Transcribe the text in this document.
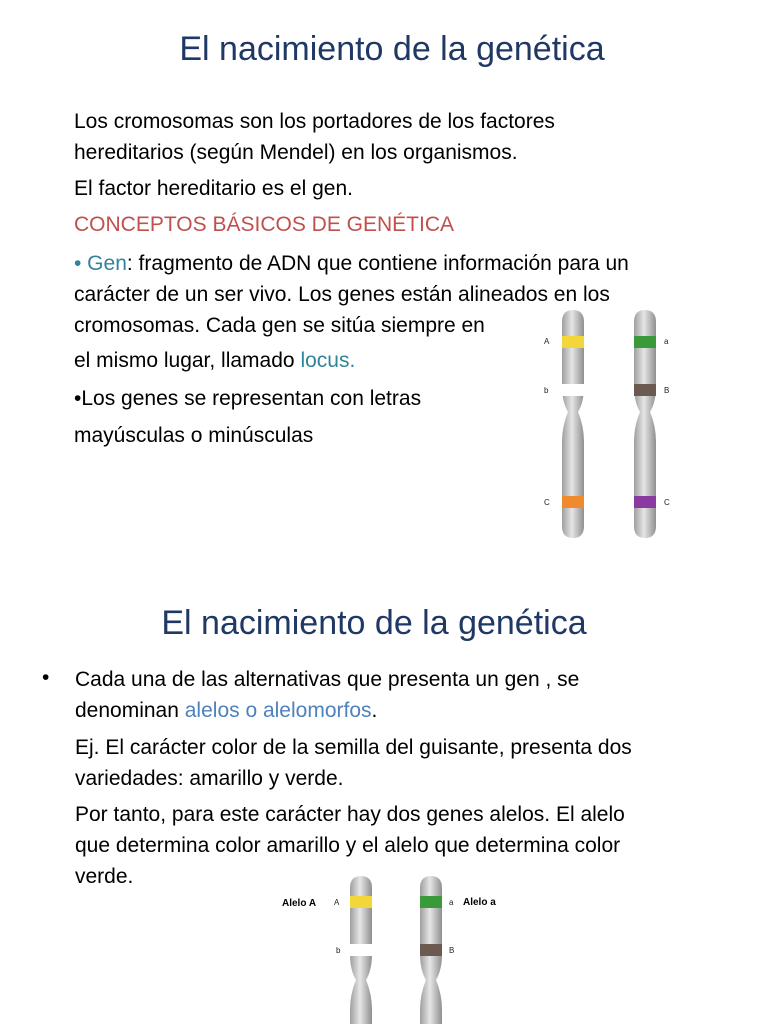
El nacimiento de la genética

Los cromosomas son los portadores de los factores
hereditarios (según Mendel) en los organismos.

El factor hereditario es el gen.

CONCEPTOS BÁSICOS DE GENÉTICA

• Gen: fragmento de ADN que contiene información para un
carácter de un ser vivo. Los genes están alineados en los
cromosomas. Cada gen se sitúa siempre en

el mismo lugar, llamado locus.

•Los genes se representan con letras
mayúsculas o minúsculas

A
b
C
a
B
C
El nacimiento de la genética
• Cada una de las alternativas que presenta un gen , se
denominan alelos o alelomorfos.

Ej. El carácter color de la semilla del guisante, presenta dos
variedades: amarillo y verde.

Por tanto, para este carácter hay dos genes alelos. El alelo
que determina color amarillo y el alelo que determina color
verde.

Alelo A A
b
a
B
Alelo a
